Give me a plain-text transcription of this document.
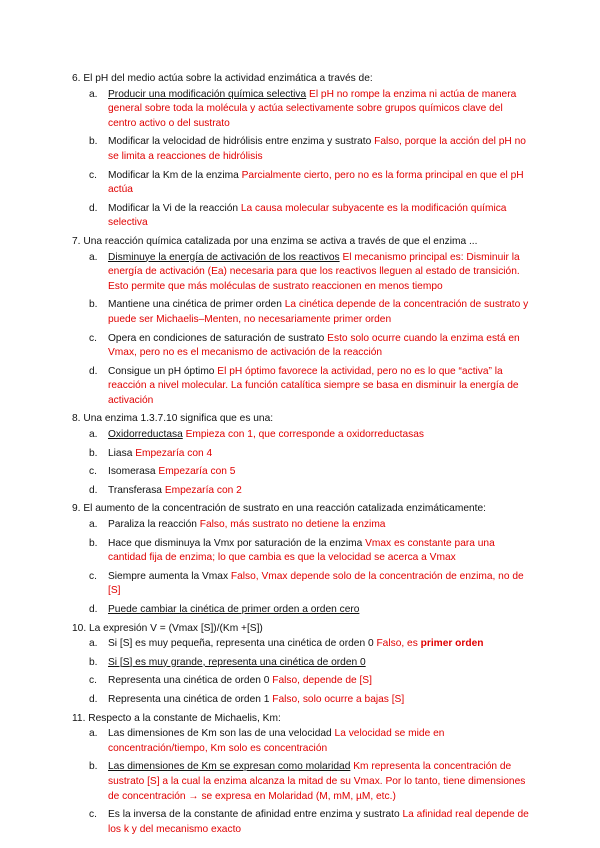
6. El pH del medio actúa sobre la actividad enzimática a través de:
a. Producir una modificación química selectiva El pH no rompe la enzima ni actúa de manera general sobre toda la molécula y actúa selectivamente sobre grupos químicos clave del centro activo o del sustrato
b. Modificar la velocidad de hidrólisis entre enzima y sustrato Falso, porque la acción del pH no se limita a reacciones de hidrólisis
c. Modificar la Km de la enzima Parcialmente cierto, pero no es la forma principal en que el pH actúa
d. Modificar la Vi de la reacción La causa molecular subyacente es la modificación química selectiva
7. Una reacción química catalizada por una enzima se activa a través de que el enzima ...
a. Disminuye la energía de activación de los reactivos El mecanismo principal es: Disminuir la energía de activación (Ea) necesaria para que los reactivos lleguen al estado de transición. Esto permite que más moléculas de sustrato reaccionen en menos tiempo
b. Mantiene una cinética de primer orden La cinética depende de la concentración de sustrato y puede ser Michaelis–Menten, no necesariamente primer orden
c. Opera en condiciones de saturación de sustrato Esto solo ocurre cuando la enzima está en Vmax, pero no es el mecanismo de activación de la reacción
d. Consigue un pH óptimo El pH óptimo favorece la actividad, pero no es lo que “activa” la reacción a nivel molecular. La función catalítica siempre se basa en disminuir la energía de activación
8. Una enzima 1.3.7.10 significa que es una:
a. Oxidorreductasa Empieza con 1, que corresponde a oxidorreductasas
b. Liasa Empezaría con 4
c. Isomerasa Empezaría con 5
d. Transferasa Empezaría con 2
9. El aumento de la concentración de sustrato en una reacción catalizada enzimáticamente:
a. Paraliza la reacción Falso, más sustrato no detiene la enzima
b. Hace que disminuya la Vmx por saturación de la enzima Vmax es constante para una cantidad fija de enzima; lo que cambia es que la velocidad se acerca a Vmax
c. Siempre aumenta la Vmax Falso, Vmax depende solo de la concentración de enzima, no de [S]
d. Puede cambiar la cinética de primer orden a orden cero
10. La expresión V = (Vmax [S])/(Km +[S])
a. Si [S] es muy pequeña, representa una cinética de orden 0 Falso, es primer orden
b. Si [S] es muy grande, representa una cinética de orden 0
c. Representa una cinética de orden 0 Falso, depende de [S]
d. Representa una cinética de orden 1 Falso, solo ocurre a bajas [S]
11. Respecto a la constante de Michaelis, Km:
a. Las dimensiones de Km son las de una velocidad La velocidad se mide en concentración/tiempo, Km solo es concentración
b. Las dimensiones de Km se expresan como molaridad Km representa la concentración de sustrato [S] a la cual la enzima alcanza la mitad de su Vmax. Por lo tanto, tiene dimensiones de concentración → se expresa en Molaridad (M, mM, µM, etc.)
c. Es la inversa de la constante de afinidad entre enzima y sustrato La afinidad real depende de los k y del mecanismo exacto
